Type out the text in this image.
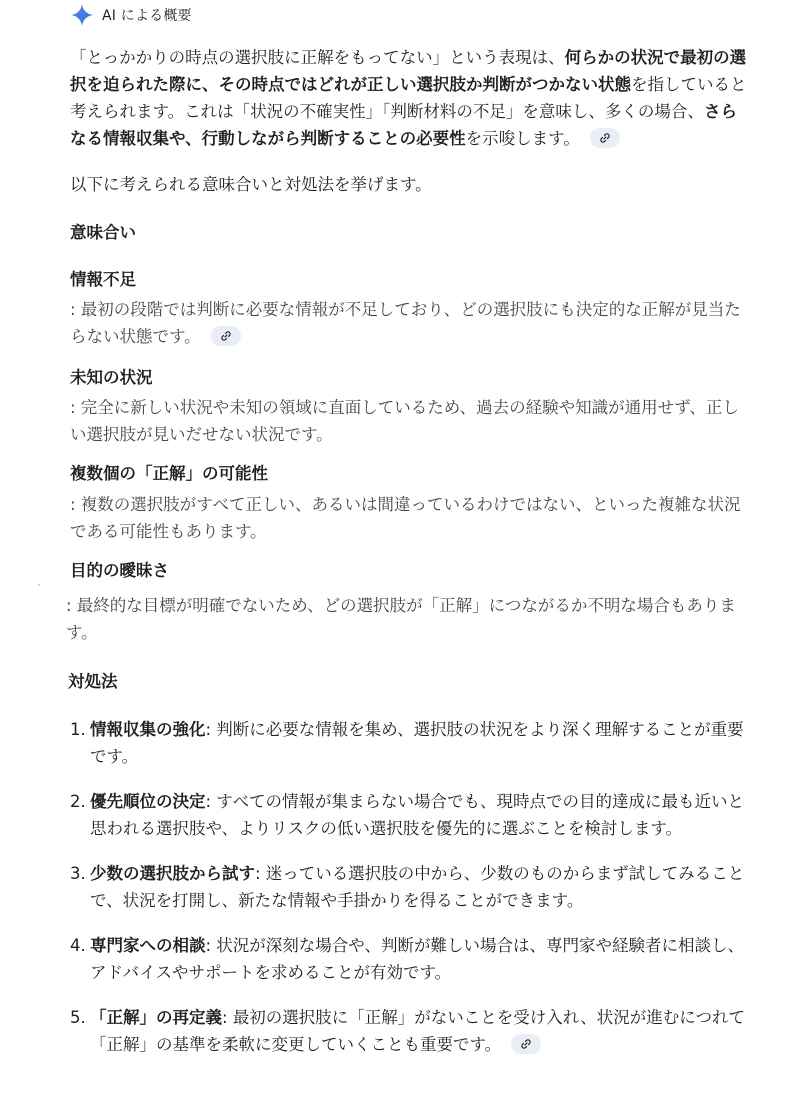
AI による概要

「とっかかりの時点の選択肢に正解をもってない」という表現は、何らかの状況で最初の選択を迫られた際に、その時点ではどれが正しい選択肢か判断がつかない状態を指していると考えられます。これは「状況の不確実性」「判断材料の不足」を意味し、多くの場合、さらなる情報収集や、行動しながら判断することの必要性を示唆します。

以下に考えられる意味合いと対処法を挙げます。

意味合い
情報不足

: 最初の段階では判断に必要な情報が不足しており、どの選択肢にも決定的な正解が見当たらない状態です。

未知の状況

: 完全に新しい状況や未知の領域に直面しているため、過去の経験や知識が通用せず、正しい選択肢が見いだせない状況です。

複数個の「正解」の可能性

: 複数の選択肢がすべて正しい、あるいは間違っているわけではない、といった複雑な状況である可能性もあります。

目的の曖昧さ

: 最終的な目標が明確でないため、どの選択肢が「正解」につながるか不明な場合もあります。

対処法
1. 情報収集の強化: 判断に必要な情報を集め、選択肢の状況をより深く理解することが重要です。
2. 優先順位の決定: すべての情報が集まらない場合でも、現時点での目的達成に最も近いと思われる選択肢や、よりリスクの低い選択肢を優先的に選ぶことを検討します。
3. 少数の選択肢から試す: 迷っている選択肢の中から、少数のものからまず試してみることで、状況を打開し、新たな情報や手掛かりを得ることができます。
4. 専門家への相談: 状況が深刻な場合や、判断が難しい場合は、専門家や経験者に相談し、アドバイスやサポートを求めることが有効です。
5. 「正解」の再定義: 最初の選択肢に「正解」がないことを受け入れ、状況が進むにつれて「正解」の基準を柔軟に変更していくことも重要です。
